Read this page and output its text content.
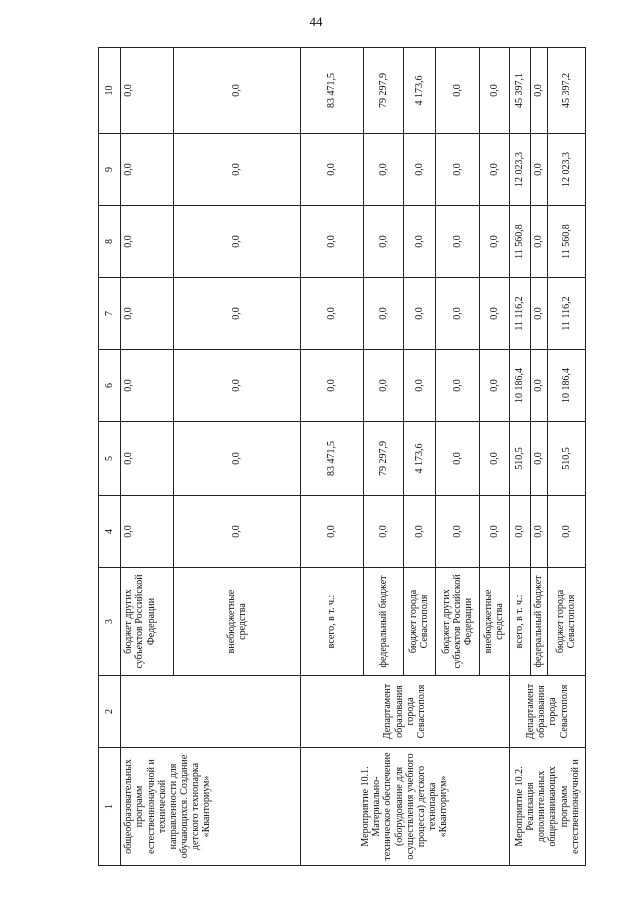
44
1	2	3	4	5	6	7	8	9	10
общеобразовательных программ естественнонаучной и технической направленности для обучающихся. Создание детского технопарка «Кванториум»		бюджет других субъектов Российской Федерации	0,0	0,0	0,0	0,0	0,0	0,0	0,0
		внебюджетные средства	0,0	0,0	0,0	0,0	0,0	0,0	0,0
Мероприятие 10.1. Материально-техническое обеспечение (оборудование для осуществления учебного процесса) детского технопарка «Кванториум»	Департамент образования города Севастополя	всего, в т. ч.:	0,0	83 471,5	0,0	0,0	0,0	0,0	83 471,5
		федеральный бюджет	0,0	79 297,9	0,0	0,0	0,0	0,0	79 297,9
		бюджет города Севастополя	0,0	4 173,6	0,0	0,0	0,0	0,0	4 173,6
		бюджет других субъектов Российской Федерации	0,0	0,0	0,0	0,0	0,0	0,0	0,0
		внебюджетные средства	0,0	0,0	0,0	0,0	0,0	0,0	0,0
Мероприятие 10.2. Реализация дополнительных общеразвивающих программ естественнонаучной и	Департамент образования города Севастополя	всего, в т. ч.:	0,0	510,5	10 186,4	11 116,2	11 560,8	12 023,3	45 397,1
		федеральный бюджет	0,0	0,0	0,0	0,0	0,0	0,0	0,0
		бюджет города Севастополя	0,0	510,5	10 186,4	11 116,2	11 560,8	12 023,3	45 397,2
